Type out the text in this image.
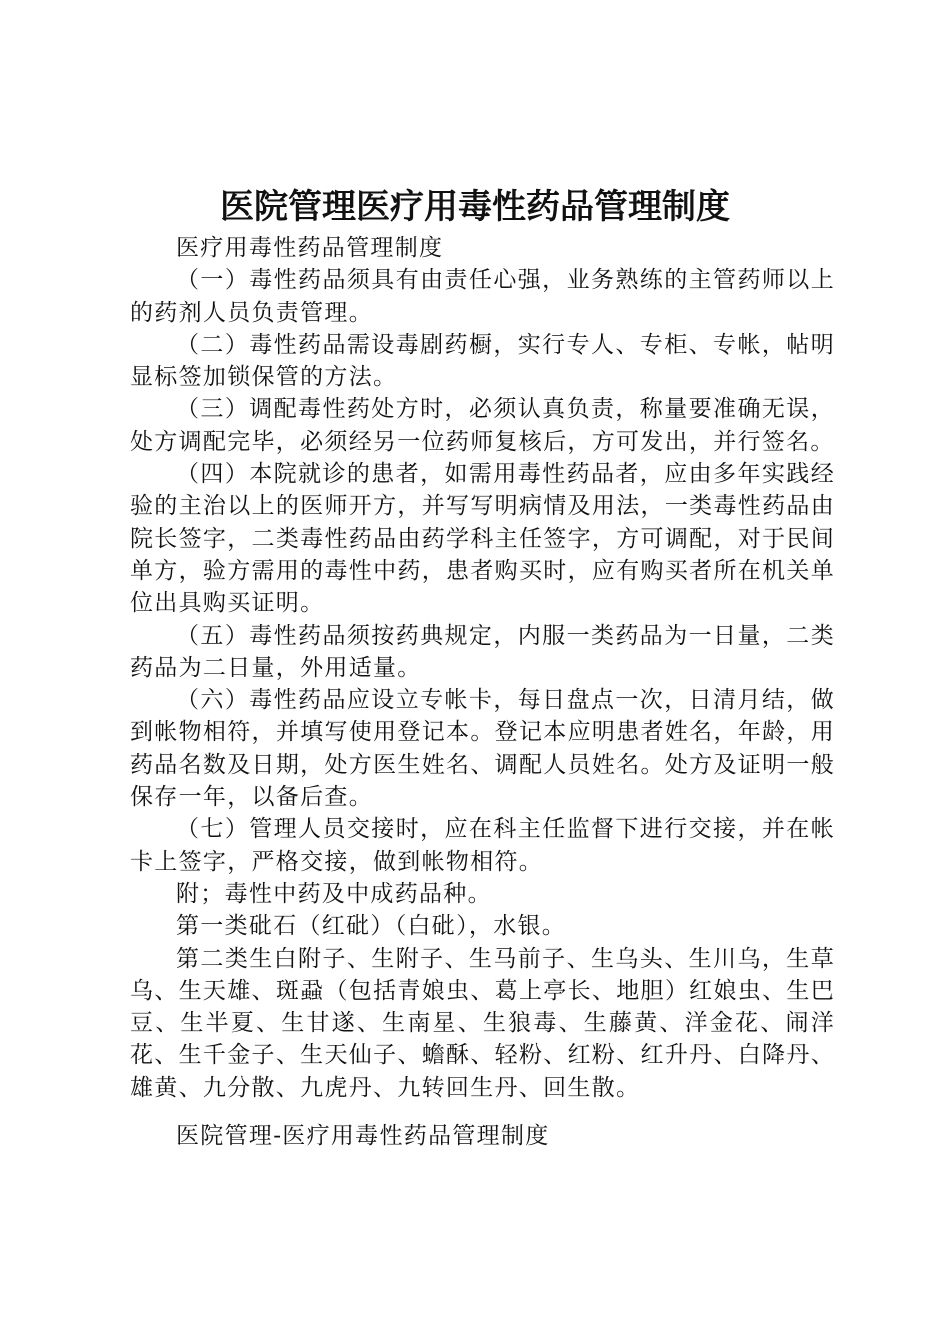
医院管理医疗用毒性药品管理制度

医疗用毒性药品管理制度

（一）毒性药品须具有由责任心强，业务熟练的主管药师以上的药剂人员负责管理。

（二）毒性药品需设毒剧药橱，实行专人、专柜、专帐，帖明显标签加锁保管的方法。

（三）调配毒性药处方时，必须认真负责，称量要准确无误，处方调配完毕，必须经另一位药师复核后，方可发出，并行签名。

（四）本院就诊的患者，如需用毒性药品者，应由多年实践经验的主治以上的医师开方，并写写明病情及用法，一类毒性药品由院长签字，二类毒性药品由药学科主任签字，方可调配，对于民间单方，验方需用的毒性中药，患者购买时，应有购买者所在机关单位出具购买证明。

（五）毒性药品须按药典规定，内服一类药品为一日量，二类药品为二日量，外用适量。

（六）毒性药品应设立专帐卡，每日盘点一次，日清月结，做到帐物相符，并填写使用登记本。登记本应明患者姓名，年龄，用药品名数及日期，处方医生姓名、调配人员姓名。处方及证明一般保存一年，以备后查。

（七）管理人员交接时，应在科主任监督下进行交接，并在帐卡上签字，严格交接，做到帐物相符。

附；毒性中药及中成药品种。

第一类砒石（红砒）（白砒），水银。

第二类生白附子、生附子、生马前子、生乌头、生川乌，生草乌、生天雄、斑蝨（包括青娘虫、葛上亭长、地胆）红娘虫、生巴豆、生半夏、生甘遂、生南星、生狼毒、生藤黄、洋金花、闹洋花、生千金子、生天仙子、蟾酥、轻粉、红粉、红升丹、白降丹、雄黄、九分散、九虎丹、九转回生丹、回生散。

医院管理-医疗用毒性药品管理制度
